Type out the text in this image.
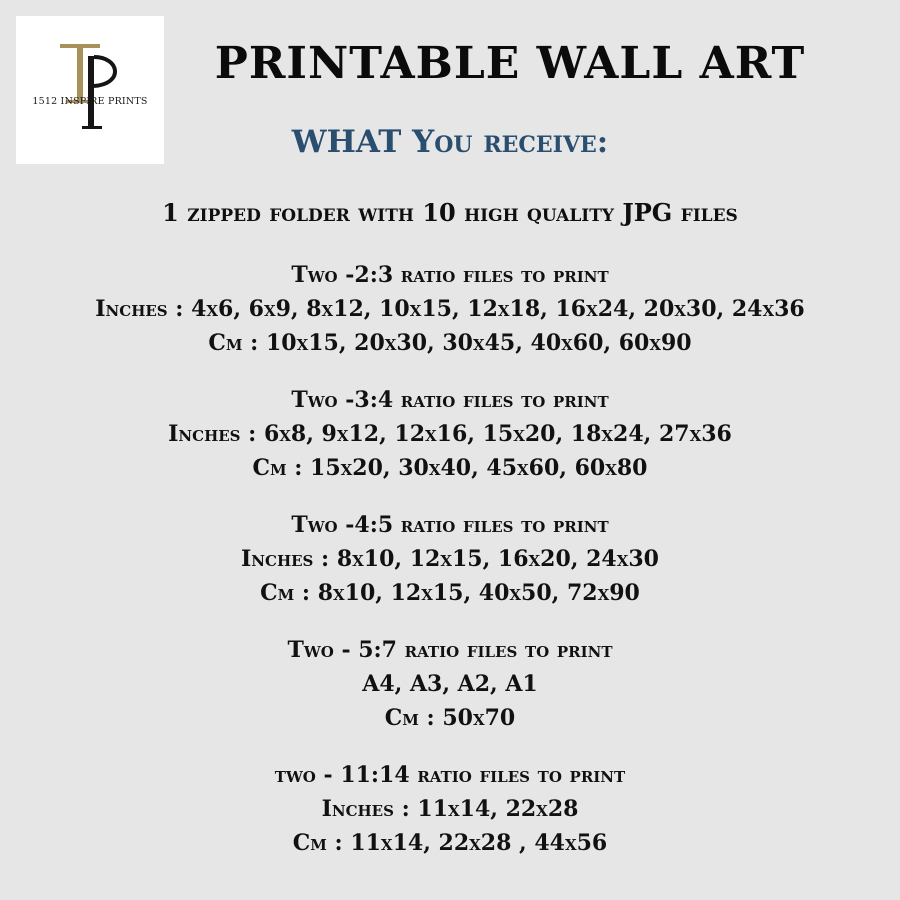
1512 INSPIRE PRINTS
PRINTABLE WALL ART
WHAT You receive:
1 zipped folder with 10 high quality JPG files
Two -2:3 ratio files to print
Inches : 4x6, 6x9, 8x12, 10x15, 12x18, 16x24, 20x30, 24x36
Cm : 10x15, 20x30, 30x45, 40x60, 60x90
Two -3:4 ratio files to print
Inches : 6x8, 9x12, 12x16, 15x20, 18x24, 27x36
Cm : 15x20, 30x40, 45x60, 60x80
Two -4:5 ratio files to print
Inches : 8x10, 12x15, 16x20, 24x30
Cm : 8x10, 12x15, 40x50, 72x90
Two - 5:7 ratio files to print
A4, A3, A2, A1
Cm : 50x70
two - 11:14 ratio files to print
Inches : 11x14, 22x28
Cm : 11x14, 22x28 , 44x56
